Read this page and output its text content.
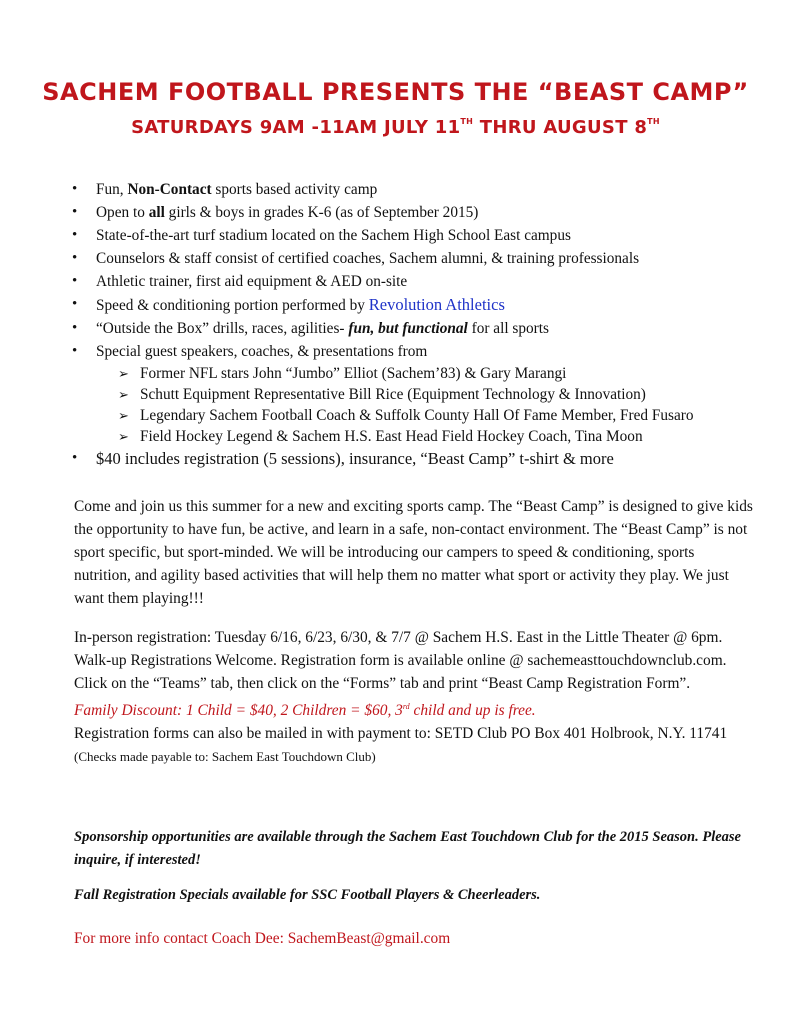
SACHEM FOOTBALL PRESENTS THE “BEAST CAMP”
SATURDAYS 9AM -11AM JULY 11TH THRU AUGUST 8TH
• Fun, Non-Contact sports based activity camp
• Open to all girls & boys in grades K-6 (as of September 2015)
• State-of-the-art turf stadium located on the Sachem High School East campus
• Counselors & staff consist of certified coaches, Sachem alumni, & training professionals
• Athletic trainer, first aid equipment & AED on-site
• Speed & conditioning portion performed by Revolution Athletics
• “Outside the Box” drills, races, agilities- fun, but functional for all sports
• Special guest speakers, coaches, & presentations from
➢ Former NFL stars John “Jumbo” Elliot (Sachem’83) & Gary Marangi
➢ Schutt Equipment Representative Bill Rice (Equipment Technology & Innovation)
➢ Legendary Sachem Football Coach & Suffolk County Hall Of Fame Member, Fred Fusaro
➢ Field Hockey Legend & Sachem H.S. East Head Field Hockey Coach, Tina Moon
• $40 includes registration (5 sessions), insurance, “Beast Camp” t-shirt & more

Come and join us this summer for a new and exciting sports camp. The “Beast Camp” is designed to give kids the opportunity to have fun, be active, and learn in a safe, non-contact environment. The “Beast Camp” is not sport specific, but sport-minded. We will be introducing our campers to speed & conditioning, sports nutrition, and agility based activities that will help them no matter what sport or activity they play. We just want them playing!!!

In-person registration: Tuesday 6/16, 6/23, 6/30, & 7/7 @ Sachem H.S. East in the Little Theater @ 6pm. Walk-up Registrations Welcome. Registration form is available online @ sachemeasttouchdownclub.com. Click on the “Teams” tab, then click on the “Forms” tab and print “Beast Camp Registration Form”.
Family Discount: 1 Child = $40, 2 Children = $60, 3rd child and up is free.
Registration forms can also be mailed in with payment to: SETD Club PO Box 401 Holbrook, N.Y. 11741
(Checks made payable to: Sachem East Touchdown Club)

Sponsorship opportunities are available through the Sachem East Touchdown Club for the 2015 Season. Please inquire, if interested!

Fall Registration Specials available for SSC Football Players & Cheerleaders.

For more info contact Coach Dee: SachemBeast@gmail.com
